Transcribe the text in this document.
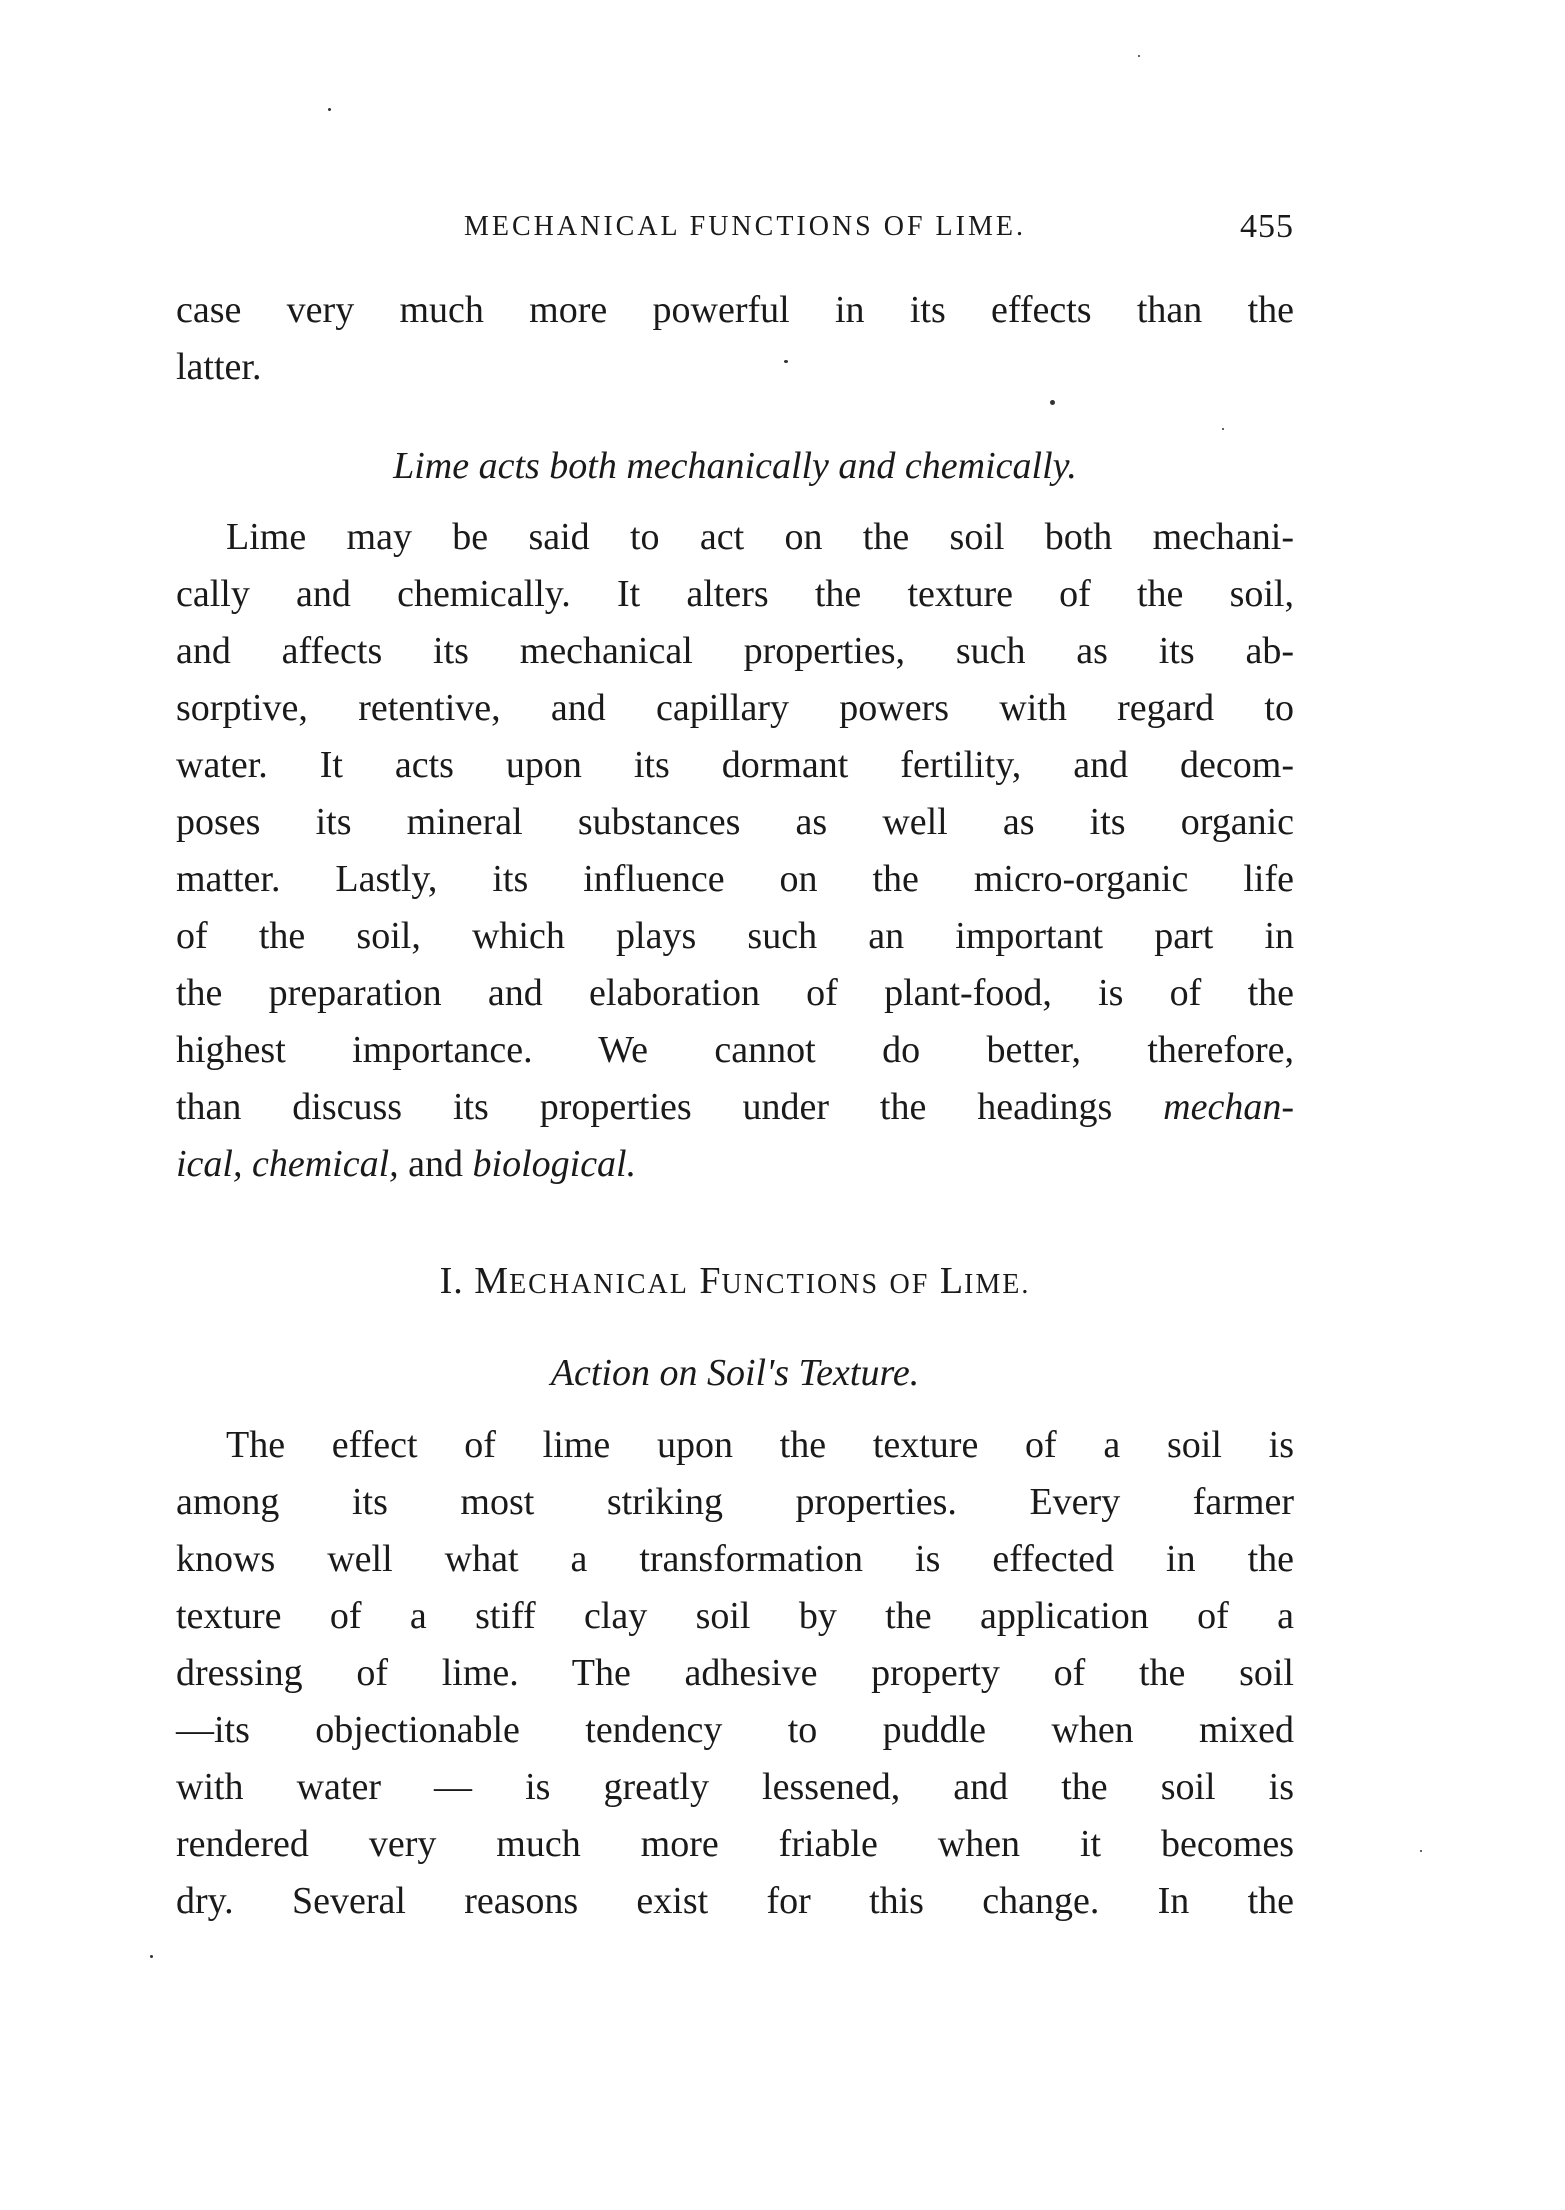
MECHANICAL FUNCTIONS OF LIME.	455

case very much more powerful in its effects than the

latter.

Lime acts both mechanically and chemically.

Lime may be said to act on the soil both mechani-

cally and chemically. It alters the texture of the soil,

and affects its mechanical properties, such as its ab-

sorptive, retentive, and capillary powers with regard to

water. It acts upon its dormant fertility, and decom-

poses its mineral substances as well as its organic

matter. Lastly, its influence on the micro-organic life

of the soil, which plays such an important part in

the preparation and elaboration of plant-food, is of the

highest importance. We cannot do better, therefore,

than discuss its properties under the headings mechan-

ical, chemical, and biological.

I. MECHANICAL FUNCTIONS OF LIME.
Action on Soil's Texture.

The effect of lime upon the texture of a soil is

among its most striking properties. Every farmer

knows well what a transformation is effected in the

texture of a stiff clay soil by the application of a

dressing of lime. The adhesive property of the soil

—its objectionable tendency to puddle when mixed

with water — is greatly lessened, and the soil is

rendered very much more friable when it becomes

dry. Several reasons exist for this change. In the
